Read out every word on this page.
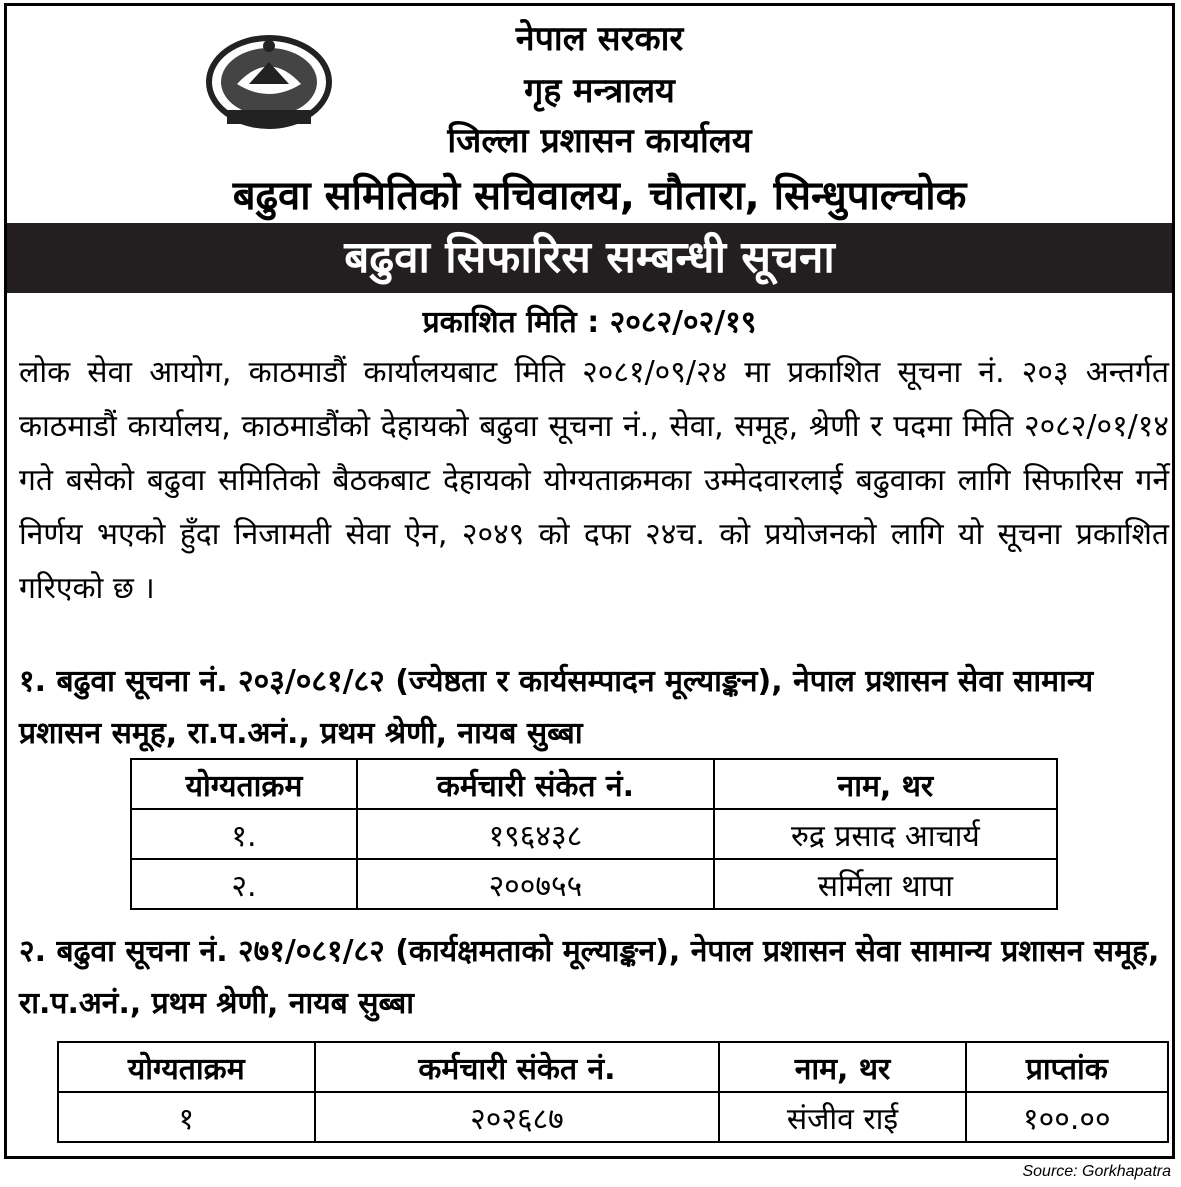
नेपाल सरकार
गृह मन्त्रालय
जिल्ला प्रशासन कार्यालय
बढुवा समितिको सचिवालय, चौतारा, सिन्धुपाल्चोक
बढुवा सिफारिस सम्बन्धी सूचना
प्रकाशित मिति : २०८२/०२/१९
लोक सेवा आयोग, काठमाडौं कार्यालयबाट मिति २०८१/०९/२४ मा प्रकाशित सूचना नं. २०३ अन्तर्गत काठमाडौं कार्यालय, काठमाडौंको देहायको बढुवा सूचना नं., सेवा, समूह, श्रेणी र पदमा मिति २०८२/०१/१४ गते बसेको बढुवा समितिको बैठकबाट देहायको योग्यताक्रमका उम्मेदवारलाई बढुवाका लागि सिफारिस गर्ने निर्णय भएको हुँदा निजामती सेवा ऐन, २०४९ को दफा २४च. को प्रयोजनको लागि यो सूचना प्रकाशित गरिएको छ ।
१. बढुवा सूचना नं. २०३/०८१/८२ (ज्येष्ठता र कार्यसम्पादन मूल्याङ्कन), नेपाल प्रशासन सेवा सामान्य प्रशासन समूह, रा.प.अनं., प्रथम श्रेणी, नायब सुब्बा
योग्यताक्रम	कर्मचारी संकेत नं.	नाम, थर
१.	१९६४३८	रुद्र प्रसाद आचार्य
२.	२००७५५	सर्मिला थापा
२. बढुवा सूचना नं. २७१/०८१/८२ (कार्यक्षमताको मूल्याङ्कन), नेपाल प्रशासन सेवा सामान्य प्रशासन समूह, रा.प.अनं., प्रथम श्रेणी, नायब सुब्बा
योग्यताक्रम	कर्मचारी संकेत नं.	नाम, थर	प्राप्तांक
१	२०२६८७	संजीव राई	१००.००
Source: Gorkhapatra
